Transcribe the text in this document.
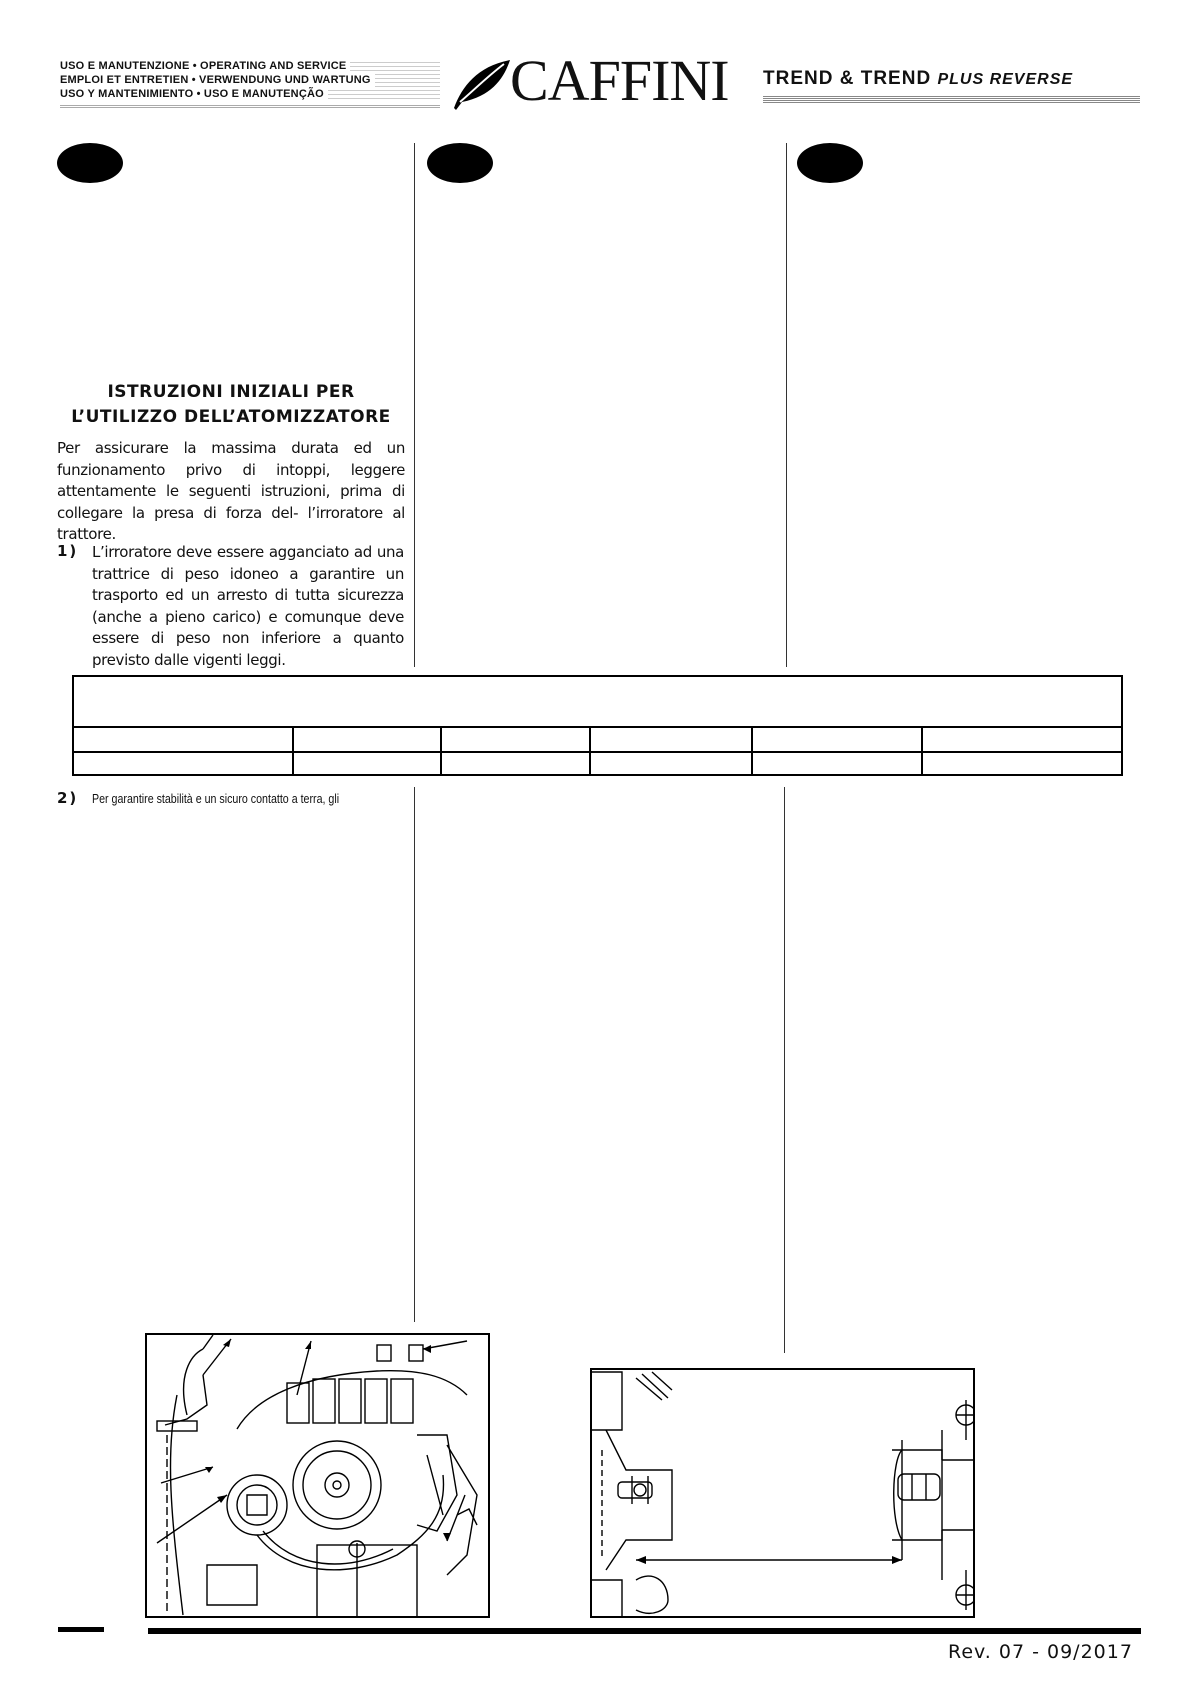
USO E MANUTENZIONE • OPERATING AND SERVICE
EMPLOI ET ENTRETIEN • VERWENDUNG UND WARTUNG
USO Y MANTENIMIENTO • USO E MANUTENÇÃO	CAFFINI TREND & TREND PLUS REVERSE
ISTRUZIONI INIZIALI PER
L’UTILIZZO DELL’ATOMIZZATORE
Per assicurare la massima durata ed un funzionamento privo di intoppi, leggere attentamente le seguenti istruzioni, prima di collegare la presa di forza del- l’irroratore al trattore.
1) L’irroratore deve essere agganciato ad una trattrice di peso idoneo a garantire un trasporto ed un arresto di tutta sicurezza (anche a pieno carico) e comunque deve essere di peso non inferiore a quanto previsto dalle vigenti leggi.
2) Per garantire stabilità e un sicuro contatto a terra, gli
Rev. 07 - 09/2017
